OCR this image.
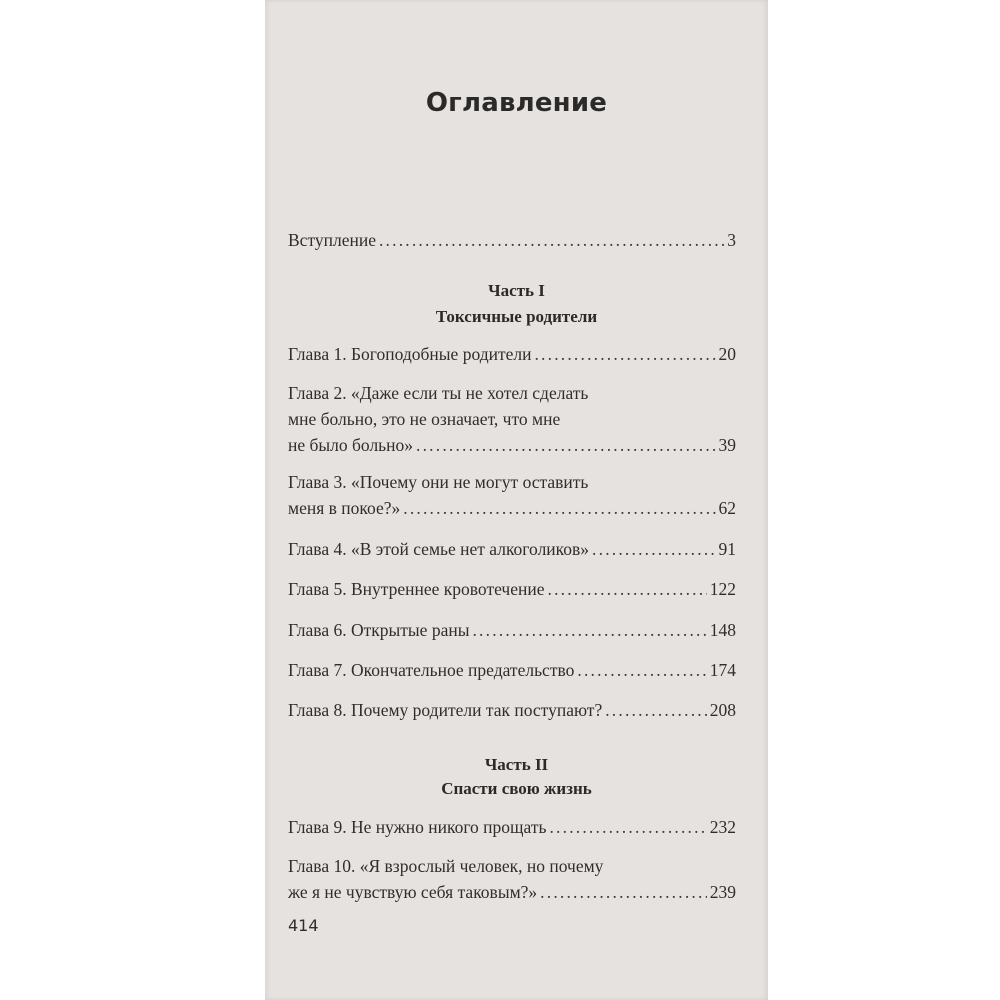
Оглавление
Вступление .....	3
Часть I
Токсичные родители
Глава 1. Богоподобные родители .....	20
Глава 2. «Даже если ты не хотел сделать
мне больно, это не означает, что мне
не было больно» .....	39
Глава 3. «Почему они не могут оставить
меня в покое?» .....	62
Глава 4. «В этой семье нет алкоголиков» .....	91
Глава 5. Внутреннее кровотечение .....	122
Глава 6. Открытые раны .....	148
Глава 7. Окончательное предательство .....	174
Глава 8. Почему родители так поступают? .....	208
Часть II
Спасти свою жизнь
Глава 9. Не нужно никого прощать .....	232
Глава 10. «Я взрослый человек, но почему
же я не чувствую себя таковым?» .....	239
414
